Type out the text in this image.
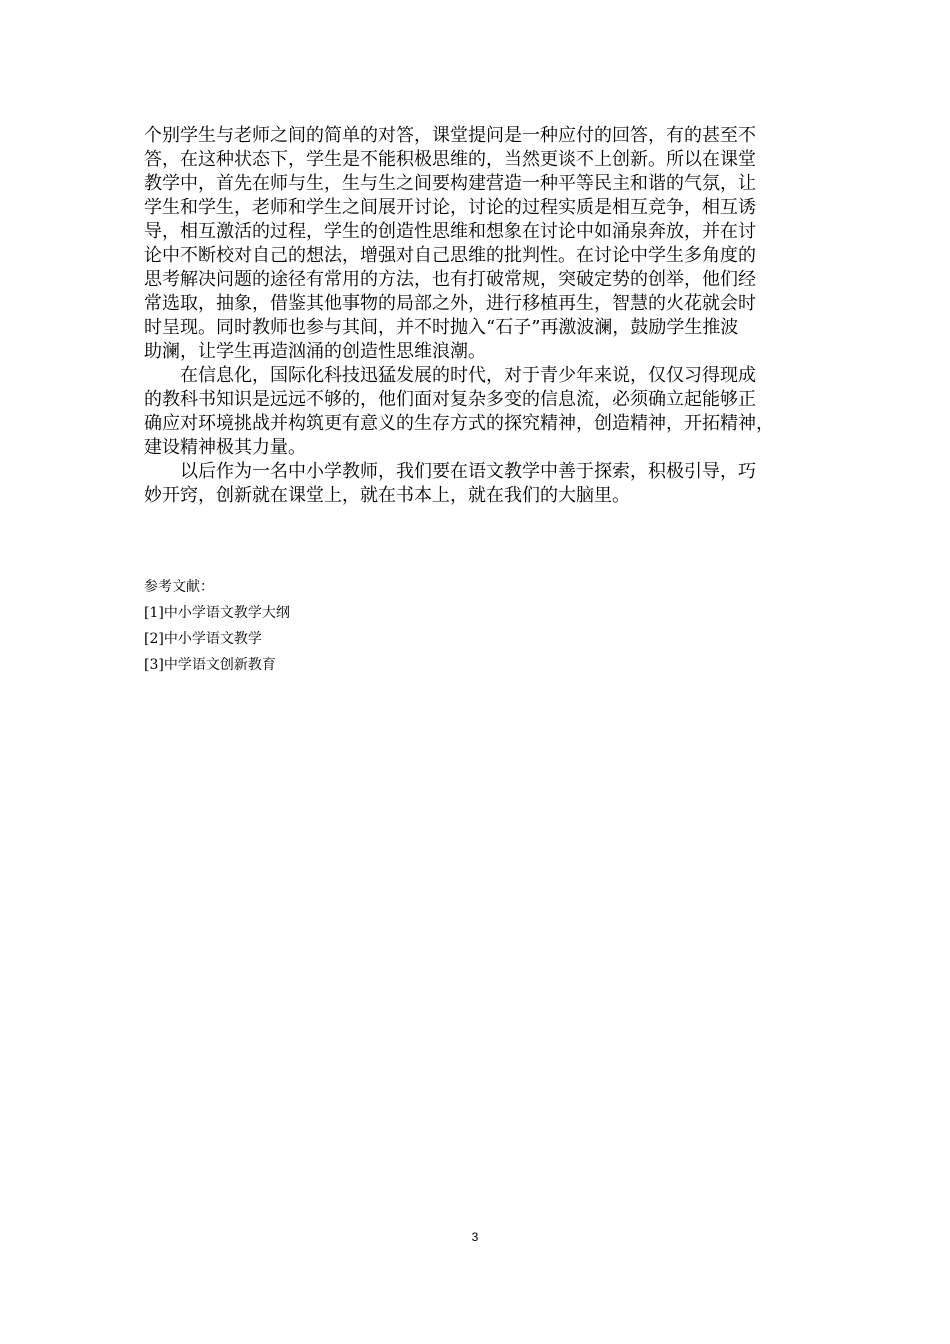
个别学生与老师之间的简单的对答，课堂提问是一种应付的回答，有的甚至不
答，在这种状态下，学生是不能积极思维的，当然更谈不上创新。所以在课堂
教学中，首先在师与生，生与生之间要构建营造一种平等民主和谐的气氛，让
学生和学生，老师和学生之间展开讨论，讨论的过程实质是相互竞争，相互诱
导，相互激活的过程，学生的创造性思维和想象在讨论中如涌泉奔放，并在讨
论中不断校对自己的想法，增强对自己思维的批判性。在讨论中学生多角度的
思考解决问题的途径有常用的方法，也有打破常规，突破定势的创举，他们经
常选取，抽象，借鉴其他事物的局部之外，进行移植再生，智慧的火花就会时
时呈现。同时教师也参与其间，并不时抛入“石子”再激波澜，鼓励学生推波
助澜，让学生再造汹涌的创造性思维浪潮。
在信息化，国际化科技迅猛发展的时代，对于青少年来说，仅仅习得现成
的教科书知识是远远不够的，他们面对复杂多变的信息流，必须确立起能够正
确应对环境挑战并构筑更有意义的生存方式的探究精神，创造精神，开拓精神，
建设精神极其力量。
以后作为一名中小学教师，我们要在语文教学中善于探索，积极引导，巧
妙开窍，创新就在课堂上，就在书本上，就在我们的大脑里。
参考文献：
[1]中小学语文教学大纲
[2]中小学语文教学
[3]中学语文创新教育
3
